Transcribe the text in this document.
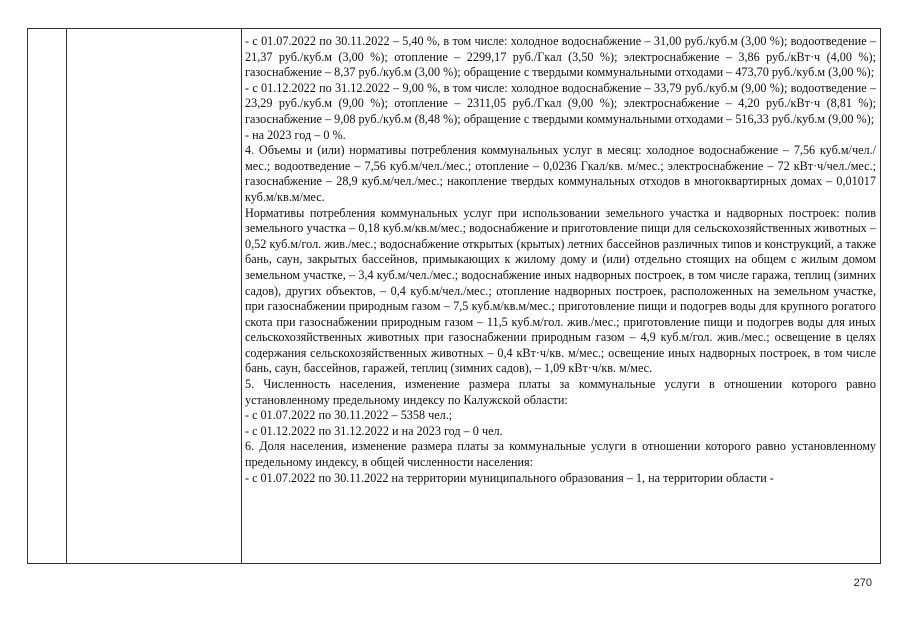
- с 01.07.2022 по 30.11.2022 – 5,40 %, в том числе: холодное водоснабжение – 31,00 руб./куб.м (3,00 %); водоотведение – 21,37 руб./куб.м (3,00 %); отопление – 2299,17 руб./Гкал (3,50 %); электроснабжение – 3,86 руб./кВт·ч (4,00 %); газоснабжение – 8,37 руб./куб.м (3,00 %); обращение с твердыми коммунальными отходами – 473,70 руб./куб.м (3,00 %);

- с 01.12.2022 по 31.12.2022 – 9,00 %, в том числе: холодное водоснабжение – 33,79 руб./куб.м (9,00 %); водоотведение – 23,29 руб./куб.м (9,00 %); отопление – 2311,05 руб./Гкал (9,00 %); электроснабжение – 4,20 руб./кВт·ч (8,81 %); газоснабжение – 9,08 руб./куб.м (8,48 %); обращение с твердыми коммунальными отходами – 516,33 руб./куб.м (9,00 %);

- на 2023 год – 0 %.

4. Объемы и (или) нормативы потребления коммунальных услуг в месяц: холодное водоснабжение – 7,56 куб.м/чел./мес.; водоотведение – 7,56 куб.м/чел./мес.; отопление – 0,0236 Гкал/кв. м/мес.; электроснабжение – 72 кВт·ч/чел./мес.; газоснабжение – 28,9 куб.м/чел./мес.; накопление твердых коммунальных отходов в многоквартирных домах – 0,01017 куб.м/кв.м/мес.

Нормативы потребления коммунальных услуг при использовании земельного участка и надворных построек: полив земельного участка – 0,18 куб.м/кв.м/мес.; водоснабжение и приготовление пищи для сельскохозяйственных животных – 0,52 куб.м/гол. жив./мес.; водоснабжение открытых (крытых) летних бассейнов различных типов и конструкций, а также бань, саун, закрытых бассейнов, примыкающих к жилому дому и (или) отдельно стоящих на общем с жилым домом земельном участке, – 3,4 куб.м/чел./мес.; водоснабжение иных надворных построек, в том числе гаража, теплиц (зимних садов), других объектов, – 0,4 куб.м/чел./мес.; отопление надворных построек, расположенных на земельном участке, при газоснабжении природным газом – 7,5 куб.м/кв.м/мес.; приготовление пищи и подогрев воды для крупного рогатого скота при газоснабжении природным газом – 11,5 куб.м/гол. жив./мес.; приготовление пищи и подогрев воды для иных сельскохозяйственных животных при газоснабжении природным газом – 4,9 куб.м/гол. жив./мес.; освещение в целях содержания сельскохозяйственных животных – 0,4 кВт·ч/кв. м/мес.; освещение иных надворных построек, в том числе бань, саун, бассейнов, гаражей, теплиц (зимних садов), – 1,09 кВт·ч/кв. м/мес.

5. Численность населения, изменение размера платы за коммунальные услуги в отношении которого равно установленному предельному индексу по Калужской области:

- с 01.07.2022 по 30.11.2022 – 5358 чел.;

- с 01.12.2022 по 31.12.2022 и на 2023 год – 0 чел.

6. Доля населения, изменение размера платы за коммунальные услуги в отношении которого равно установленному предельному индексу, в общей численности населения:

- с 01.07.2022 по 30.11.2022 на территории муниципального образования – 1, на территории области -

270
